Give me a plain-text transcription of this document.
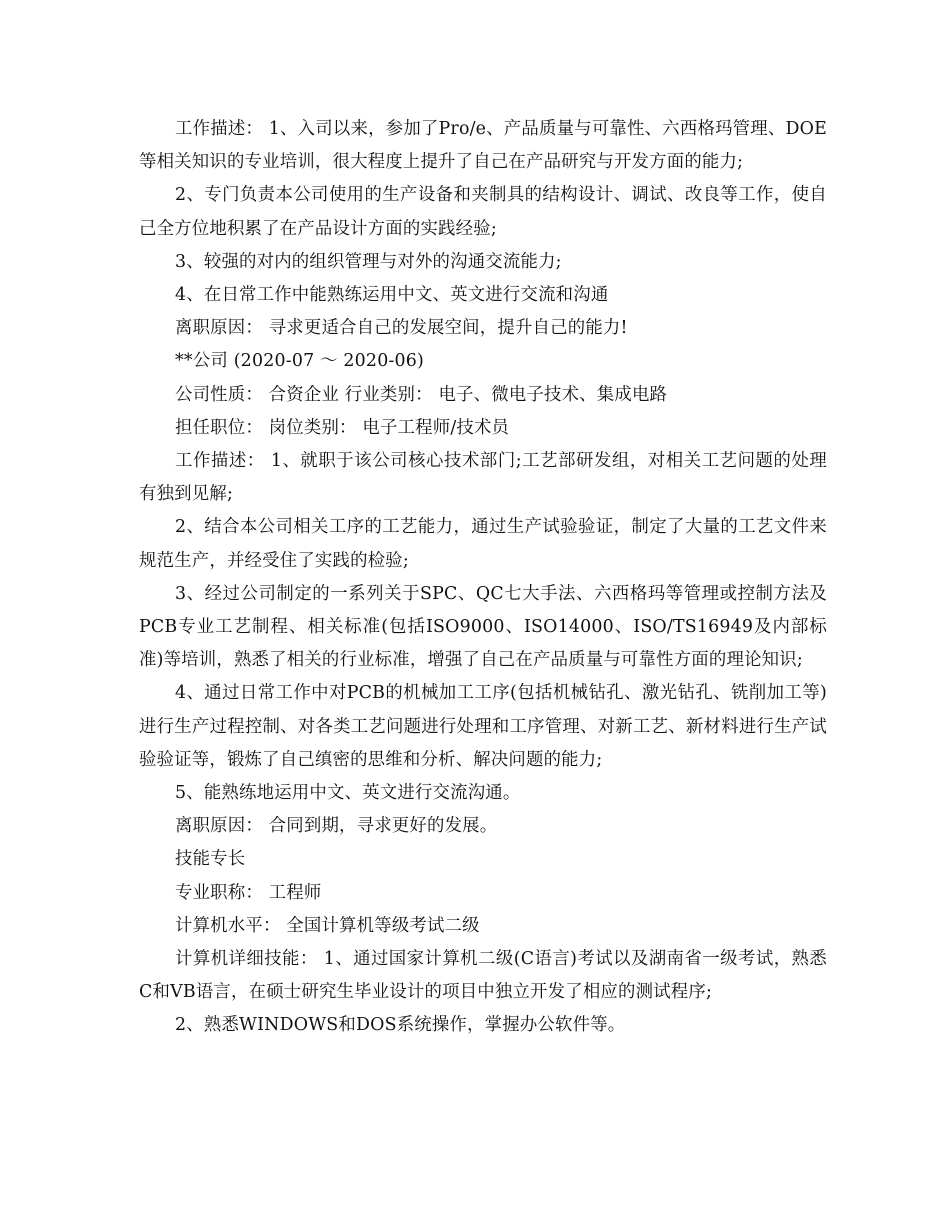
工作描述： 1、入司以来，参加了Pro/e、产品质量与可靠性、六西格玛管理、DOE等相关知识的专业培训，很大程度上提升了自己在产品研究与开发方面的能力;

2、专门负责本公司使用的生产设备和夹制具的结构设计、调试、改良等工作，使自己全方位地积累了在产品设计方面的实践经验;

3、较强的对内的组织管理与对外的沟通交流能力;

4、在日常工作中能熟练运用中文、英文进行交流和沟通

离职原因： 寻求更适合自己的发展空间，提升自己的能力!

**公司 (2020-07 ～ 2020-06)

公司性质： 合资企业 行业类别： 电子、微电子技术、集成电路

担任职位： 岗位类别： 电子工程师/技术员

工作描述： 1、就职于该公司核心技术部门;工艺部研发组，对相关工艺问题的处理有独到见解;

2、结合本公司相关工序的工艺能力，通过生产试验验证，制定了大量的工艺文件来规范生产，并经受住了实践的检验;

3、经过公司制定的一系列关于SPC、QC七大手法、六西格玛等管理或控制方法及PCB专业工艺制程、相关标准(包括ISO9000、ISO14000、ISO/TS16949及内部标准)等培训，熟悉了相关的行业标准，增强了自己在产品质量与可靠性方面的理论知识;

4、通过日常工作中对PCB的机械加工工序(包括机械钻孔、激光钻孔、铣削加工等)进行生产过程控制、对各类工艺问题进行处理和工序管理、对新工艺、新材料进行生产试验验证等，锻炼了自己缜密的思维和分析、解决问题的能力;

5、能熟练地运用中文、英文进行交流沟通。

离职原因： 合同到期，寻求更好的发展。

技能专长

专业职称： 工程师

计算机水平： 全国计算机等级考试二级

计算机详细技能： 1、通过国家计算机二级(C语言)考试以及湖南省一级考试，熟悉C和VB语言，在硕士研究生毕业设计的项目中独立开发了相应的测试程序;

2、熟悉WINDOWS和DOS系统操作，掌握办公软件等。
